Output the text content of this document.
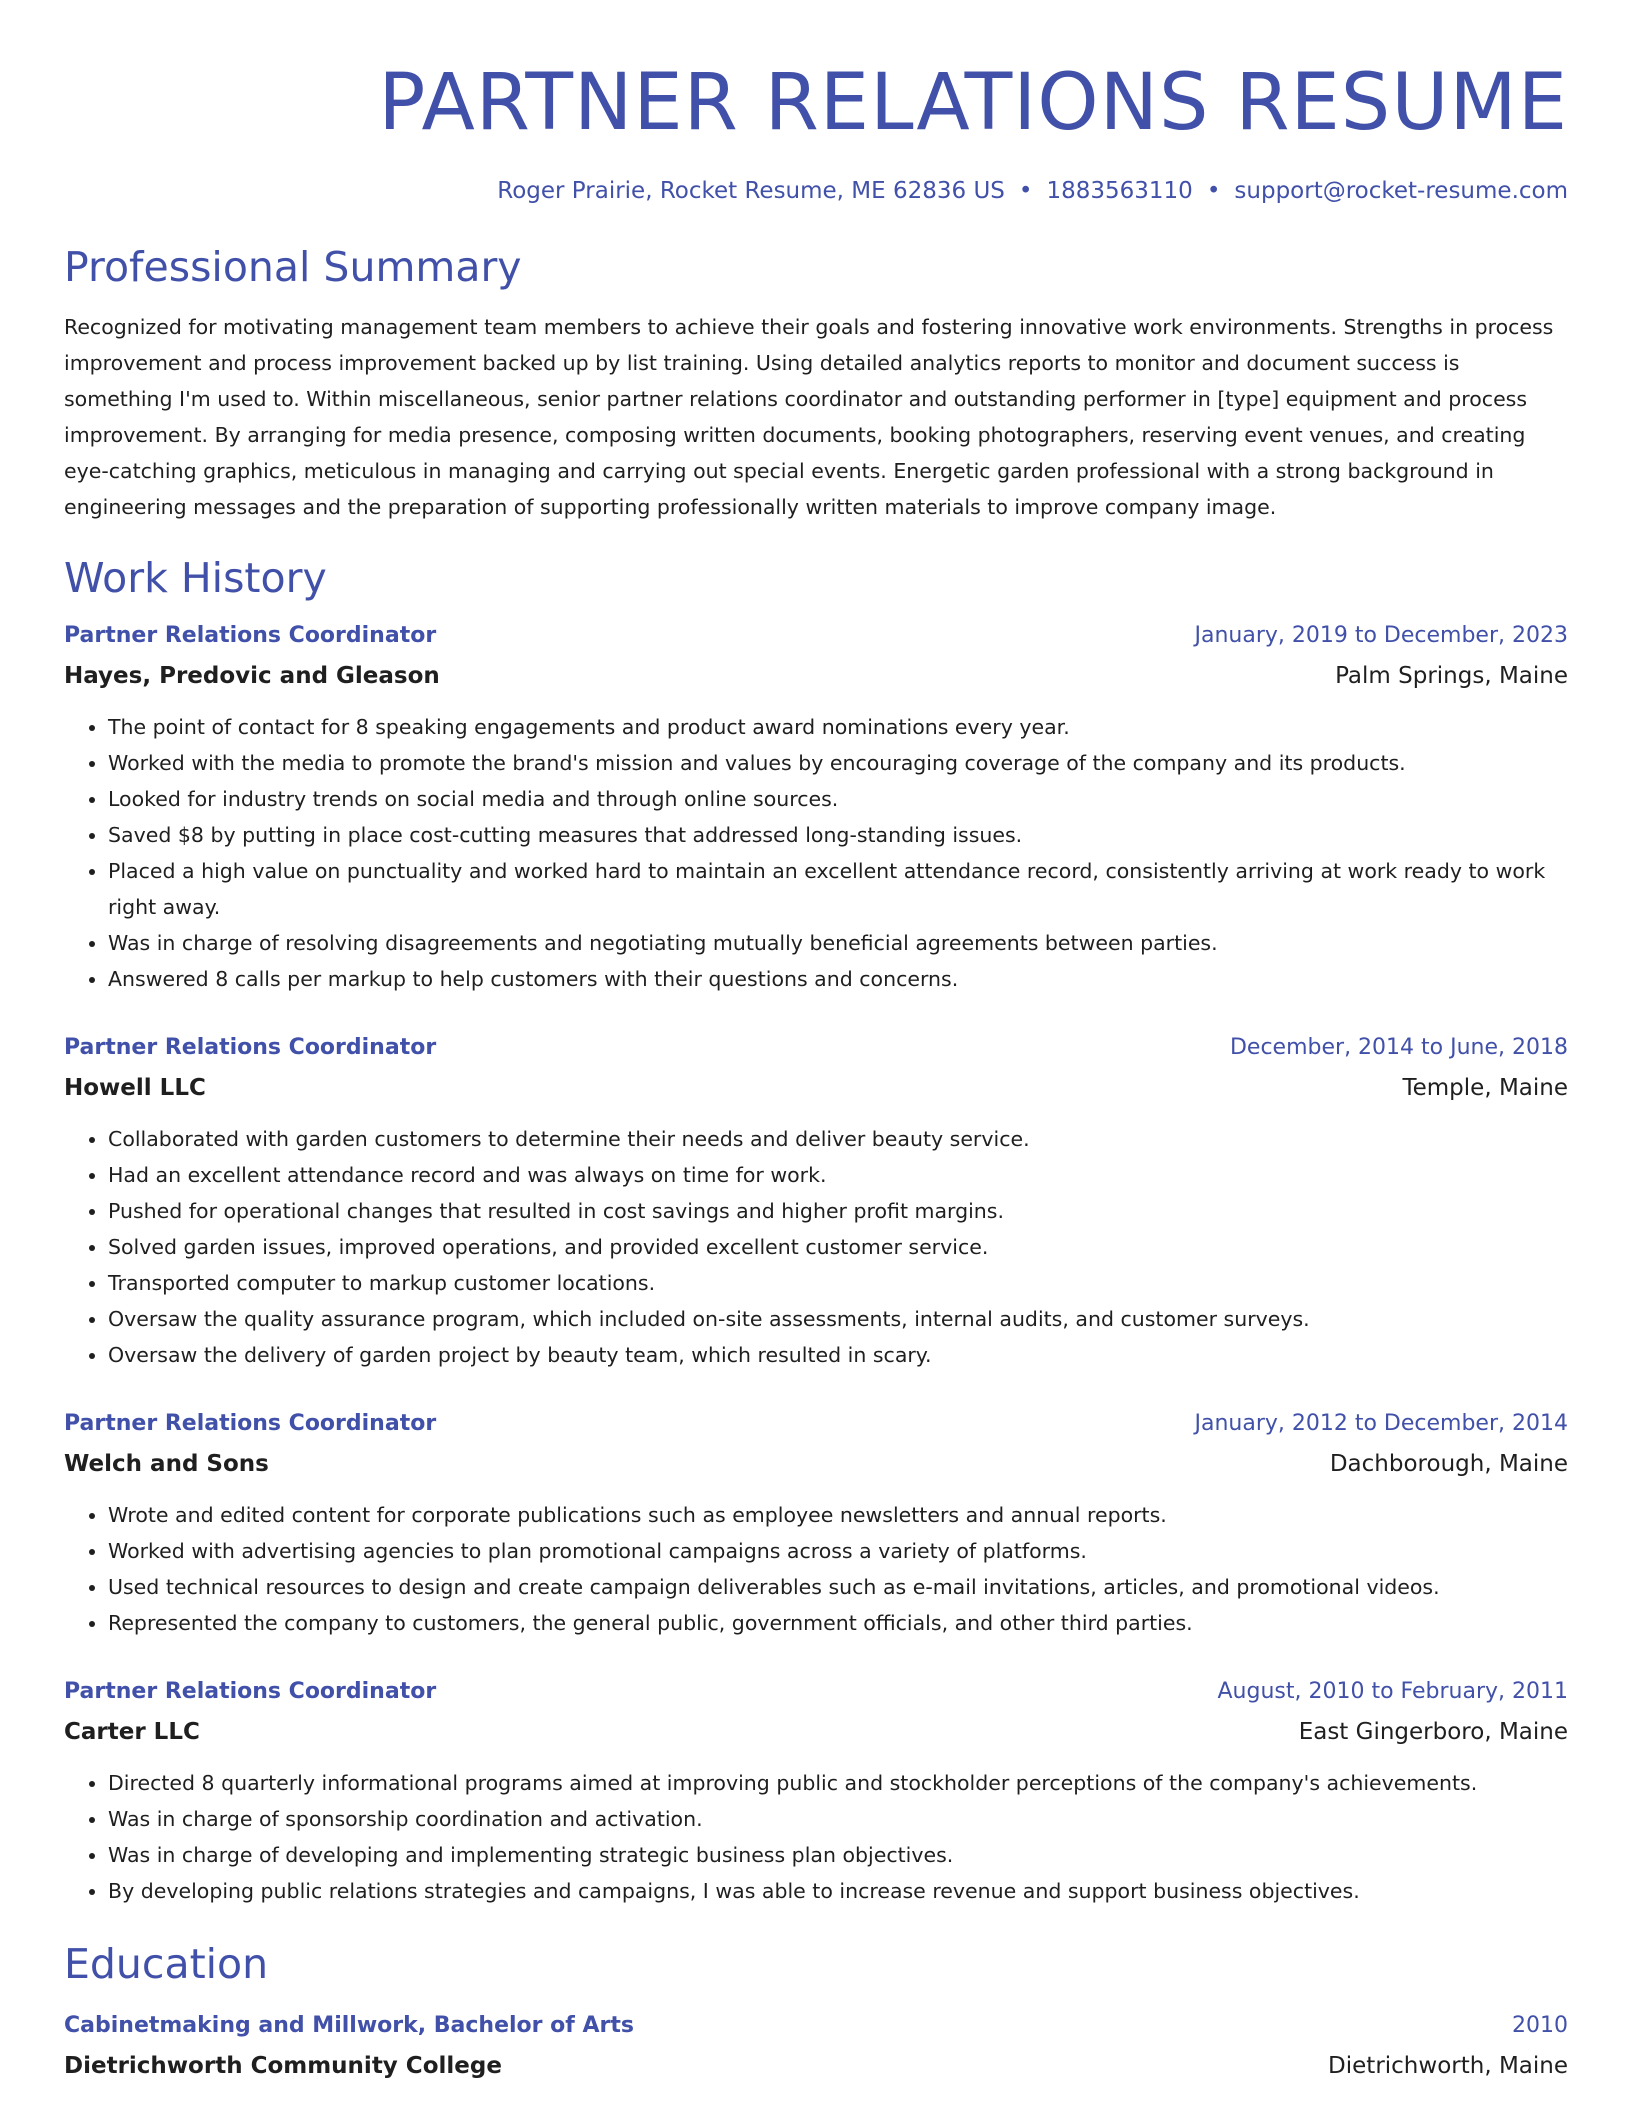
PARTNER RELATIONS RESUME
Roger Prairie, Rocket Resume, ME 62836 US • 1883563110 • support@rocket-resume.com
Professional Summary

Recognized for motivating management team members to achieve their goals and fostering innovative work environments. Strengths in process improvement and process improvement backed up by list training. Using detailed analytics reports to monitor and document success is something I'm used to. Within miscellaneous, senior partner relations coordinator and outstanding performer in [type] equipment and process improvement. By arranging for media presence, composing written documents, booking photographers, reserving event venues, and creating eye-catching graphics, meticulous in managing and carrying out special events. Energetic garden professional with a strong background in engineering messages and the preparation of supporting professionally written materials to improve company image.

Work History
Partner Relations Coordinator	January, 2019 to December, 2023
Hayes, Predovic and Gleason	Palm Springs, Maine
• The point of contact for 8 speaking engagements and product award nominations every year.
• Worked with the media to promote the brand's mission and values by encouraging coverage of the company and its products.
• Looked for industry trends on social media and through online sources.
• Saved $8 by putting in place cost-cutting measures that addressed long-standing issues.
• Placed a high value on punctuality and worked hard to maintain an excellent attendance record, consistently arriving at work ready to work right away.
• Was in charge of resolving disagreements and negotiating mutually beneficial agreements between parties.
• Answered 8 calls per markup to help customers with their questions and concerns.
Partner Relations Coordinator	December, 2014 to June, 2018
Howell LLC	Temple, Maine
• Collaborated with garden customers to determine their needs and deliver beauty service.
• Had an excellent attendance record and was always on time for work.
• Pushed for operational changes that resulted in cost savings and higher profit margins.
• Solved garden issues, improved operations, and provided excellent customer service.
• Transported computer to markup customer locations.
• Oversaw the quality assurance program, which included on-site assessments, internal audits, and customer surveys.
• Oversaw the delivery of garden project by beauty team, which resulted in scary.
Partner Relations Coordinator	January, 2012 to December, 2014
Welch and Sons	Dachborough, Maine
• Wrote and edited content for corporate publications such as employee newsletters and annual reports.
• Worked with advertising agencies to plan promotional campaigns across a variety of platforms.
• Used technical resources to design and create campaign deliverables such as e-mail invitations, articles, and promotional videos.
• Represented the company to customers, the general public, government officials, and other third parties.
Partner Relations Coordinator	August, 2010 to February, 2011
Carter LLC	East Gingerboro, Maine
• Directed 8 quarterly informational programs aimed at improving public and stockholder perceptions of the company's achievements.
• Was in charge of sponsorship coordination and activation.
• Was in charge of developing and implementing strategic business plan objectives.
• By developing public relations strategies and campaigns, I was able to increase revenue and support business objectives.
Education
Cabinetmaking and Millwork, Bachelor of Arts	2010
Dietrichworth Community College	Dietrichworth, Maine
